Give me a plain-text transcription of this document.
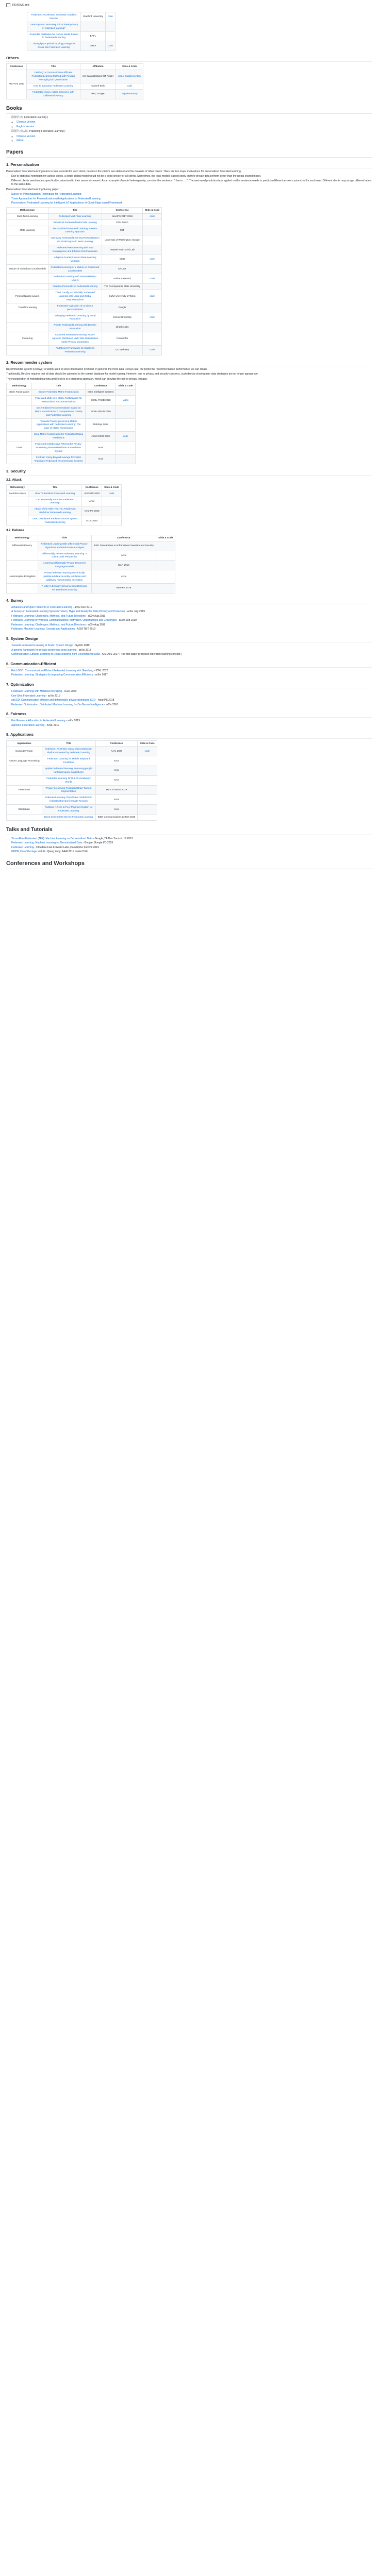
README.md
Federated Accelerated Stochastic Gradient Descent	Stanford University	code
Lorem Ipsum - How easy is it to break privacy in federated learning?		
Ensemble Distillation for Robust Model Fusion in Federated Learning	EPFL	
Throughput-Optimal Topology Design for Cross-Silo Federated Learning	INRIA	code
Others
Conference	Title	Affiliation	Slide & Code
AISTATS 2020	FedPAQ: A Communication-Efficient Federated Learning Method with Periodic Averaging and Quantization	UC Santa Barbara; UT Austin	video; Supplementary
	How To Backdoor Federated Learning	Cornell Tech	code
	Federated Heavy Hitters Discovery with Differential Privacy	RPI; Google	Supplementary
Books
• 联邦学习 ( Federated Learning )
◦ Chinese Version
◦ English Version
• 联邦学习实战 ( Practicing Federated Learning )
◦ Chinese Version
◦ Github
Papers
1. Personalization

Personalized federated learning refers to train a model for each client, based on the client's own dataset and the datasets of other clients. There are two major motivations for personalized federated learning:

• Due to statistical heterogeneity across clients, a single global model would not be a good choice for all clients. Sometimes, the local models trained solely on their private data perform better than the global shared model.
• Different clients need models specifically customized to their own environment. As an example of model heterogeneity, consider the sentence: "I live in .....". The next-word prediction task applied on this sentence needs to predict a different answer customized for each user. Different clients may assign different labels to the same data.

Personalized federated learning Survey paper:

• Survey of Personalization Techniques for Federated Learning
• Three Approaches for Personalization with Applications to Federated Learning
• Personalized Federated Learning for Intelligent IoT Applications: A Cloud-Edge based Framework
Methodology	Title	Conference	Slide & Code
Multi-Task Learning	Federated Multi-Task Learning	NeurIPS 2017 CMU	code
	Variational Federated Multi-Task Learning	ETH Zurich	
Meta Learning	Personalized Federated Learning: A Meta-Learning Approach	MIT	
	Improving Federated Learning Personalization via Model Agnostic Meta Learning	University of Washington; Google	
	Federated Meta-Learning with Fast Convergence and Efficient Communication	Huawei Noah's Ark Lab	
	Adaptive Gradient-Based Meta-Learning Methods	CMU	code
Mixture of Global and Local Models	Federated Learning of a Mixture of Global and Local Models	KAUST	
	Federated Learning with Personalization Layers	Adobe Research	code
	Adaptive Personalized Federated Learning	The Pennsylvania State University	
Personalization Layers	Think Locally, Act Globally: Federated Learning with Local and Global Representations	CMU; University of Tokyo	code
Transfer Learning	Federated evaluation of on-device personalization	Google	
	Salvaging Federated Learning by Local Adaptation	Cornell University	code
	Private Federated Learning with Domain Adaptation	Oracle Labs	
Clustering	Clustered Federated Learning: Model-Agnostic Distributed Multi-Task Optimization under Privacy Constraints	Fraunhofer	
	An Efficient Framework for Clustered Federated Learning	UC Berkeley	code
2. Recommender system

Recommender system (RecSys) is widely used to solve information overload. In general, the more data RecSys use, the better the recommendation performance we can obtain.

Traditionally, RecSys requires that all data should be uploaded to the central database for model training. However, due to privacy and security concerns, such directly sharing user data strategies are no longer appropriate.

The incorporation of federated learning and RecSys is a promising approach, which can alleviate the risk of privacy leakage.

Methodology	Title	Conference	Slide & Code
Matrix Factorization	Secure Federated Matrix Factorization	IEEE Intelligent Systems	
	Federated Multi-view Matrix Factorization for Personalized Recommendations	ECML-PKDD 2020	video
	Decentralized Recommendation Based on Matrix Factorization: A Comparison of Gossip and Federated Learning	ECML-PKDD 2019	
	Towards Privacy-preserving Mobile Applications with Federated Learning: The Case of Matrix Factorization	MobiSys 2019	
	Meta Matrix Factorization for Federated Rating Predictions	ACM SIGIR 2020	code
GNN	Federated Collaborative Filtering for Privacy-Preserving Personalized Recommendation System	Arxiv	
	FedFast: Going Beyond Average for Faster Training of Federated Recommender Systems	Arxiv	
3. Security
3.1. Attack
Methodology	Title	Conference	Slide & Code
Backdoor Attack	How To Backdoor Federated Learning	AISTATS 2020	code
	Can You Really Backdoor Federated Learning?	Arxiv	
	Attack of the Tails: Yes, You Really Can Backdoor Federated Learning	NeurIPS 2020	
	DBA: Distributed Backdoor Attacks against Federated Learning	ICLR 2020	
3.2. Defense
Methodology	Title	Conference	Slide & Code
Differential Privacy	Federated Learning With Differential Privacy: Algorithms and Performance Analysis	IEEE Transactions on Information Forensics and Security	
	Differentially Private Federated Learning: A Client Level Perspective	Arxiv	
	Learning Differentially Private Recurrent Language Models	ICLR 2018	
Homomorphic Encryption	Private federated learning on vertically partitioned data via entity resolution and additively homomorphic encryption	Arxiv	
	A Little Is Enough: Circumventing Defenses For Distributed Learning	NeurIPS 2019	
4. Survey
• Advances and Open Problems in Federated Learning - arXiv Dec 2019
• A Survey on Federated Learning Systems: Vision, Hype and Reality for Data Privacy and Protection - arXiv July 2019
• Federated Learning: Challenges, Methods, and Future Directions - arXiv Aug 2019
• Federated Learning for Wireless Communications: Motivation, Opportunities and Challenges - arXiv Sep 2019
• Federated Learning: Challenges, Methods, and Future Directions - arXiv Aug 2019
• Federated Machine Learning: Concept and Applications - ACM TIST 2019
5. System Design
• Towards Federated Learning at Scale: System Design - SysML 2019
• A generic framework for privacy preserving deep learning - arXiv 2018
• Communication-Efficient Learning of Deep Networks from Decentralized Data - AISTATS 2017 ( The first paper proposed federated learning concept )
6. Communication-Efficient
• FetchSGD: Communication-Efficient Federated Learning with Sketching - ICML 2020
• Federated Learning: Strategies for Improving Communication Efficiency - arXiv 2017
7. Optimization
• Federated Learning with Matched Averaging - ICLR 2020
• One-Shot Federated Learning - arXiv 2019
• cpSGD: Communication-efficient and differentially-private distributed SGD - NeurIPS 2018
• Federated Optimization: Distributed Machine Learning for On-Device Intelligence - arXiv 2016
8. Fairness
• Fair Resource Allocation in Federated Learning - arXiv 2019
• Agnostic Federated Learning - ICML 2019
9. Applications
Applications	Title	Conference	Slide & Code
Computer Vision	FedVision: An Online Visual Object Detection Platform Powered by Federated Learning	AAAI 2020	code
Nature Language Processing	Federated Learning for Mobile Keyboard Prediction	Arxiv	
	Applied federated learning: Improving google keyboard query suggestions	Arxiv	
	Federated Learning Of Out-Of-Vocabulary Words	Arxiv	
Healthcare	Privacy-preserving Federated Brain Tumour Segmentation	MICCAI MLMI 2019	
	Federated learning of predictive models from federated Electronic Health Records	Arxiv	
Blockchain	FedCoin: A Peer-to-Peer Payment System for Federated Learning	Arxiv	
	Block-Chained On-Device Federated Learning	IEEE Communications Letters 2019	
Talks and Tutorials
• TensorFlow Federated (TFF): Machine Learning on Decentralized Data - Google, TF Dev Summit '19 2019
• Federated Learning: Machine Learning on Decentralized Data - Google, Google I/O 2019
• Federated Learning - Cloudera Fast Forward Labs, DataWorks Summit 2019
• GDPR, Data Shortage and AI - Qiang Yang, AAAI 2019 Invited Talk
Conferences and Workshops
